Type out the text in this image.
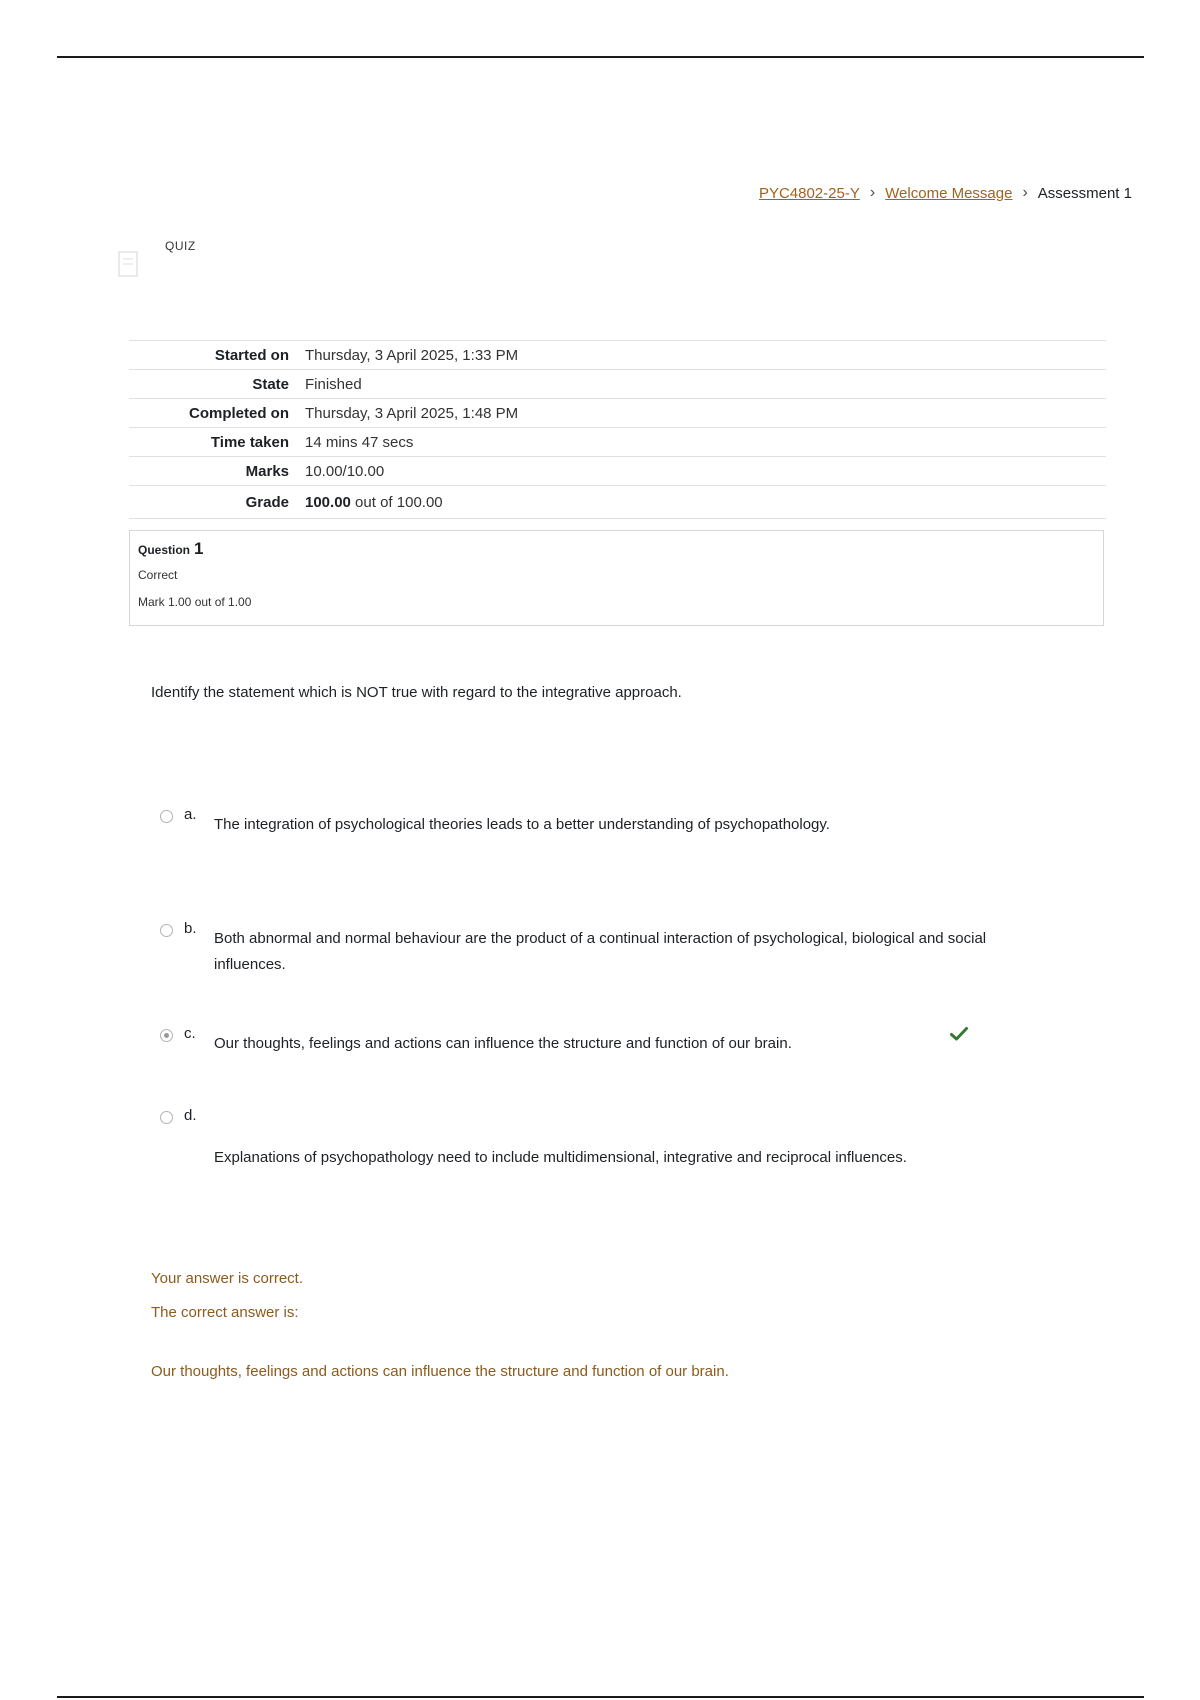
PYC4802-25-Y › Welcome Message › Assessment 1
QUIZ
Started on	Thursday, 3 April 2025, 1:33 PM
State	Finished
Completed on	Thursday, 3 April 2025, 1:48 PM
Time taken	14 mins 47 secs
Marks	10.00/10.00
Grade	100.00 out of 100.00
Question 1
Correct
Mark 1.00 out of 1.00
Identify the statement which is NOT true with regard to the integrative approach.
a.
The integration of psychological theories leads to a better understanding of psychopathology.
b.
Both abnormal and normal behaviour are the product of a continual interaction of psychological, biological and social influences.
c.
Our thoughts, feelings and actions can influence the structure and function of our brain.
d.
Explanations of psychopathology need to include multidimensional, integrative and reciprocal influences.
Your answer is correct.
The correct answer is:
Our thoughts, feelings and actions can influence the structure and function of our brain.
